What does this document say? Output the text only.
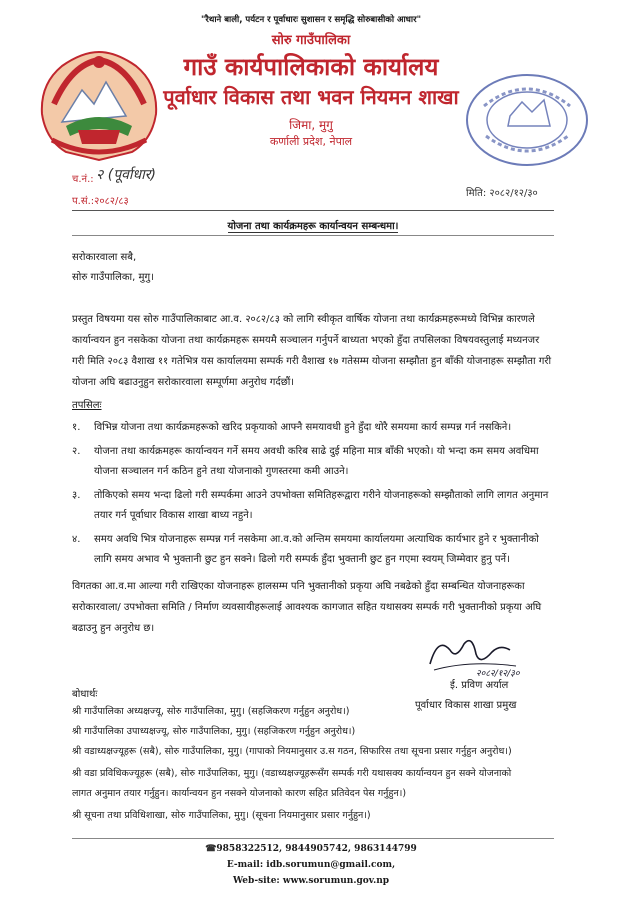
"रैथाने बाली, पर्यटन र पूर्वाधारः सुशासन र समृद्धि सोरुबासीको आधार"
सोरु गाउँपालिका
गाउँ कार्यपालिकाको कार्यालय
पूर्वाधार विकास तथा भवन नियमन शाखा
जिमा, मुगु
कर्णाली प्रदेश, नेपाल
च.नं.: २ (पूर्वाधार)
प.सं.:२०८२/८३
मिति: २०८२/१२/३०
योजना तथा कार्यक्रमहरू कार्यान्वयन सम्बन्धमा।
सरोकारवाला सबै,
सोरु गाउँपालिका, मुगु।
प्रस्तुत विषयमा यस सोरु गाउँपालिकाबाट आ.व. २०८२/८३ को लागि स्वीकृत वार्षिक योजना तथा कार्यक्रमहरूमध्ये विभिन्न कारणले कार्यान्वयन हुन नसकेका योजना तथा कार्यक्रमहरू समयमै सञ्चालन गर्नुपर्ने बाध्यता भएको हुँदा तपसिलका विषयवस्तुलाई मध्यनजर गरी मिति २०८३ वैशाख ११ गतेभित्र यस कार्यालयमा सम्पर्क गरी वैशाख १७ गतेसम्म योजना सम्झौता हुन बाँकी योजनाहरू सम्झौता गरी योजना अघि बढाउनुहुन सरोकारवाला सम्पूर्णमा अनुरोध गर्दछौं।
तपसिलः
१.	विभिन्न योजना तथा कार्यक्रमहरूको खरिद प्रकृयाको आफ्नै समयावधी हुने हुँदा थोरै समयमा कार्य सम्पन्न गर्न नसकिने।
२.	योजना तथा कार्यक्रमहरू कार्यान्वयन गर्ने समय अवधी करिब साढे दुई महिना मात्र बाँकी भएको। यो भन्दा कम समय अवधिमा योजना सञ्चालन गर्न कठिन हुने तथा योजनाको गुणस्तरमा कमी आउने।
३.	तोकिएको समय भन्दा ढिलो गरी सम्पर्कमा आउने उपभोक्ता समितिहरूद्वारा गरीने योजनाहरूको सम्झौताको लागि लागत अनुमान तयार गर्न पूर्वाधार विकास शाखा बाध्य नहुने।
४.	समय अवधि भित्र योजनाहरू सम्पन्न गर्न नसकेमा आ.व.को अन्तिम समयमा कार्यालयमा अत्याधिक कार्यभार हुने र भुक्तानीको लागि समय अभाव भै भुक्तानी छुट हुन सक्ने। ढिलो गरी सम्पर्क हुँदा भुक्तानी छुट हुन गएमा स्वयम् जिम्मेवार हुनु पर्ने।
विगतका आ.व.मा आल्या गरी राखिएका योजनाहरू हालसम्म पनि भुक्तानीको प्रकृया अघि नबढेको हुँदा सम्बन्धित योजनाहरूका सरोकारवाला/ उपभोक्ता समिति / निर्माण व्यवसायीहरूलाई आवश्यक कागजात सहित यथासक्य सम्पर्क गरी भुक्तानीको प्रकृया अघि बढाउनु हुन अनुरोध छ।
२०८२/१२/३०
ई. प्रविण अर्याल
पूर्वाधार विकास शाखा प्रमुख
बोधार्थः
श्री गाउँपालिका अध्यक्षज्यू, सोरु गाउँपालिका, मुगु। (सहजिकरण गर्नुहुन अनुरोध।)
श्री गाउँपालिका उपाध्यक्षज्यू, सोरु गाउँपालिका, मुगु। (सहजिकरण गर्नुहुन अनुरोध।)
श्री वडाध्यक्षज्यूहरू (सबै), सोरु गाउँपालिका, मुगु। (गापाको नियमानुसार उ.स गठन, सिफारिस तथा सूचना प्रसार गर्नुहुन अनुरोध।)
श्री वडा प्रविधिकज्यूहरू (सबै), सोरु गाउँपालिका, मुगु। (वडाध्यक्षज्यूहरूसँग सम्पर्क गरी यथासक्य कार्यान्वयन हुन सक्ने योजनाको
लागत अनुमान तयार गर्नुहुन। कार्यान्वयन हुन नसक्ने योजनाको कारण सहित प्रतिवेदन पेस गर्नुहुन।)
श्री सूचना तथा प्रविधिशाखा, सोरु गाउँपालिका, मुगु। (सूचना नियमानुसार प्रसार गर्नुहुन।)
☎9858322512, 9844905742, 9863144799
E-mail: idb.sorumun@gmail.com,
Web-site: www.sorumun.gov.np
